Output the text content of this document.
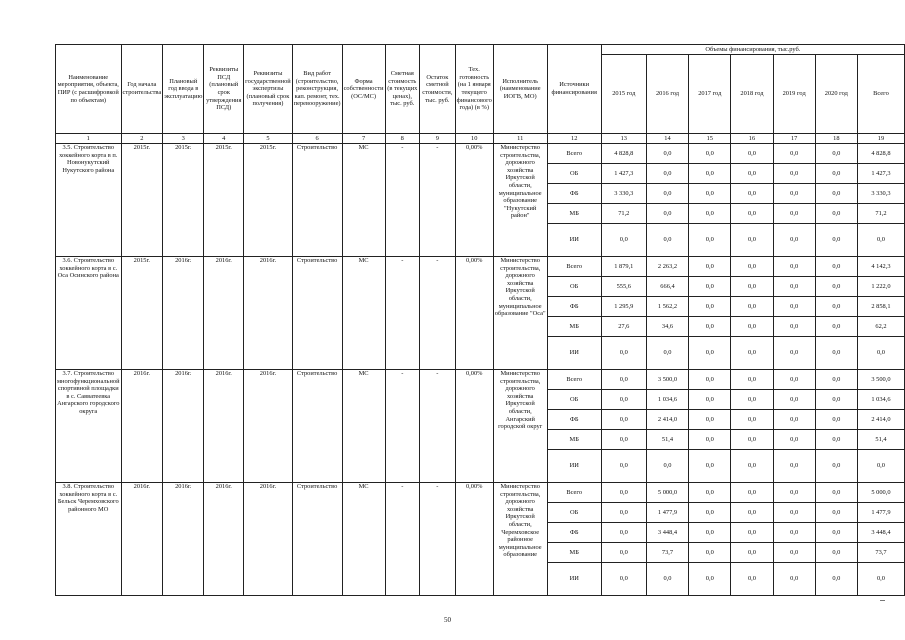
Наименование мероприятия, объекта, ПИР (с расшифровкой по объектам)	Год начала строительства	Плановый год ввода в эксплуатацию	Реквизиты ПСД (плановый срок утверждения ПСД)	Реквизиты государственной экспертизы (плановый срок получения)	Вид работ (строительство, реконструкция, кап. ремонт, тех. перевооружение)	Форма собственности (ОС/МС)	Сметная стоимость (в текущих ценах), тыс. руб.	Остаток сметной стоимости, тыс. руб.	Тех. готовность (на 1 января текущего финансового года) (в %)	Исполнитель (наименование ИОГВ, МО)	Источники финансирования	Объемы финансирования, тыс.руб.						
												2015 год	2016 год	2017 год	2018 год	2019 год	2020 год	Всего
1	2	3	4	5	6	7	8	9	10	11	12	13	14	15	16	17	18	19
3.5. Строительство хоккейного корта в п. Новонукутский Нукутского района	2015г.	2015г.	2015г.	2015г.	Строительство	МС	-	-	0,00%	Министерство строительства, дорожного хозяйства Иркутской области, муниципальное образование "Нукутский район"	Всего	4 828,8	0,0	0,0	0,0	0,0	0,0	4 828,8
											ОБ	1 427,3	0,0	0,0	0,0	0,0	0,0	1 427,3
											ФБ	3 330,3	0,0	0,0	0,0	0,0	0,0	3 330,3
											МБ	71,2	0,0	0,0	0,0	0,0	0,0	71,2
											ИИ	0,0	0,0	0,0	0,0	0,0	0,0	0,0
3.6. Строительство хоккейного корта в с. Оса Осинского района	2015г.	2016г.	2016г.	2016г.	Строительство	МС	-	-	0,00%	Министерство строительства, дорожного хозяйства Иркутской области, муниципальное образование "Оса"	Всего	1 879,1	2 263,2	0,0	0,0	0,0	0,0	4 142,3
											ОБ	555,6	666,4	0,0	0,0	0,0	0,0	1 222,0
											ФБ	1 295,9	1 562,2	0,0	0,0	0,0	0,0	2 858,1
											МБ	27,6	34,6	0,0	0,0	0,0	0,0	62,2
											ИИ	0,0	0,0	0,0	0,0	0,0	0,0	0,0
3.7. Строительство многофункциональной спортивной площадки в с. Савватеевка Ангарского городского округа	2016г.	2016г.	2016г.	2016г.	Строительство	МС	-	-	0,00%	Министерство строительства, дорожного хозяйства Иркутской области, Ангарский городской округ	Всего	0,0	3 500,0	0,0	0,0	0,0	0,0	3 500,0
											ОБ	0,0	1 034,6	0,0	0,0	0,0	0,0	1 034,6
											ФБ	0,0	2 414,0	0,0	0,0	0,0	0,0	2 414,0
											МБ	0,0	51,4	0,0	0,0	0,0	0,0	51,4
											ИИ	0,0	0,0	0,0	0,0	0,0	0,0	0,0
3.8. Строительство хоккейного корта в с. Бельск Черемховского районного МО	2016г.	2016г.	2016г.	2016г.	Строительство	МС	-	-	0,00%	Министерство строительства, дорожного хозяйства Иркутской области, Черемховское районное муниципальное образование	Всего	0,0	5 000,0	0,0	0,0	0,0	0,0	5 000,0
											ОБ	0,0	1 477,9	0,0	0,0	0,0	0,0	1 477,9
											ФБ	0,0	3 448,4	0,0	0,0	0,0	0,0	3 448,4
											МБ	0,0	73,7	0,0	0,0	0,0	0,0	73,7
											ИИ	0,0	0,0	0,0	0,0	0,0	0,0	0,0
50
